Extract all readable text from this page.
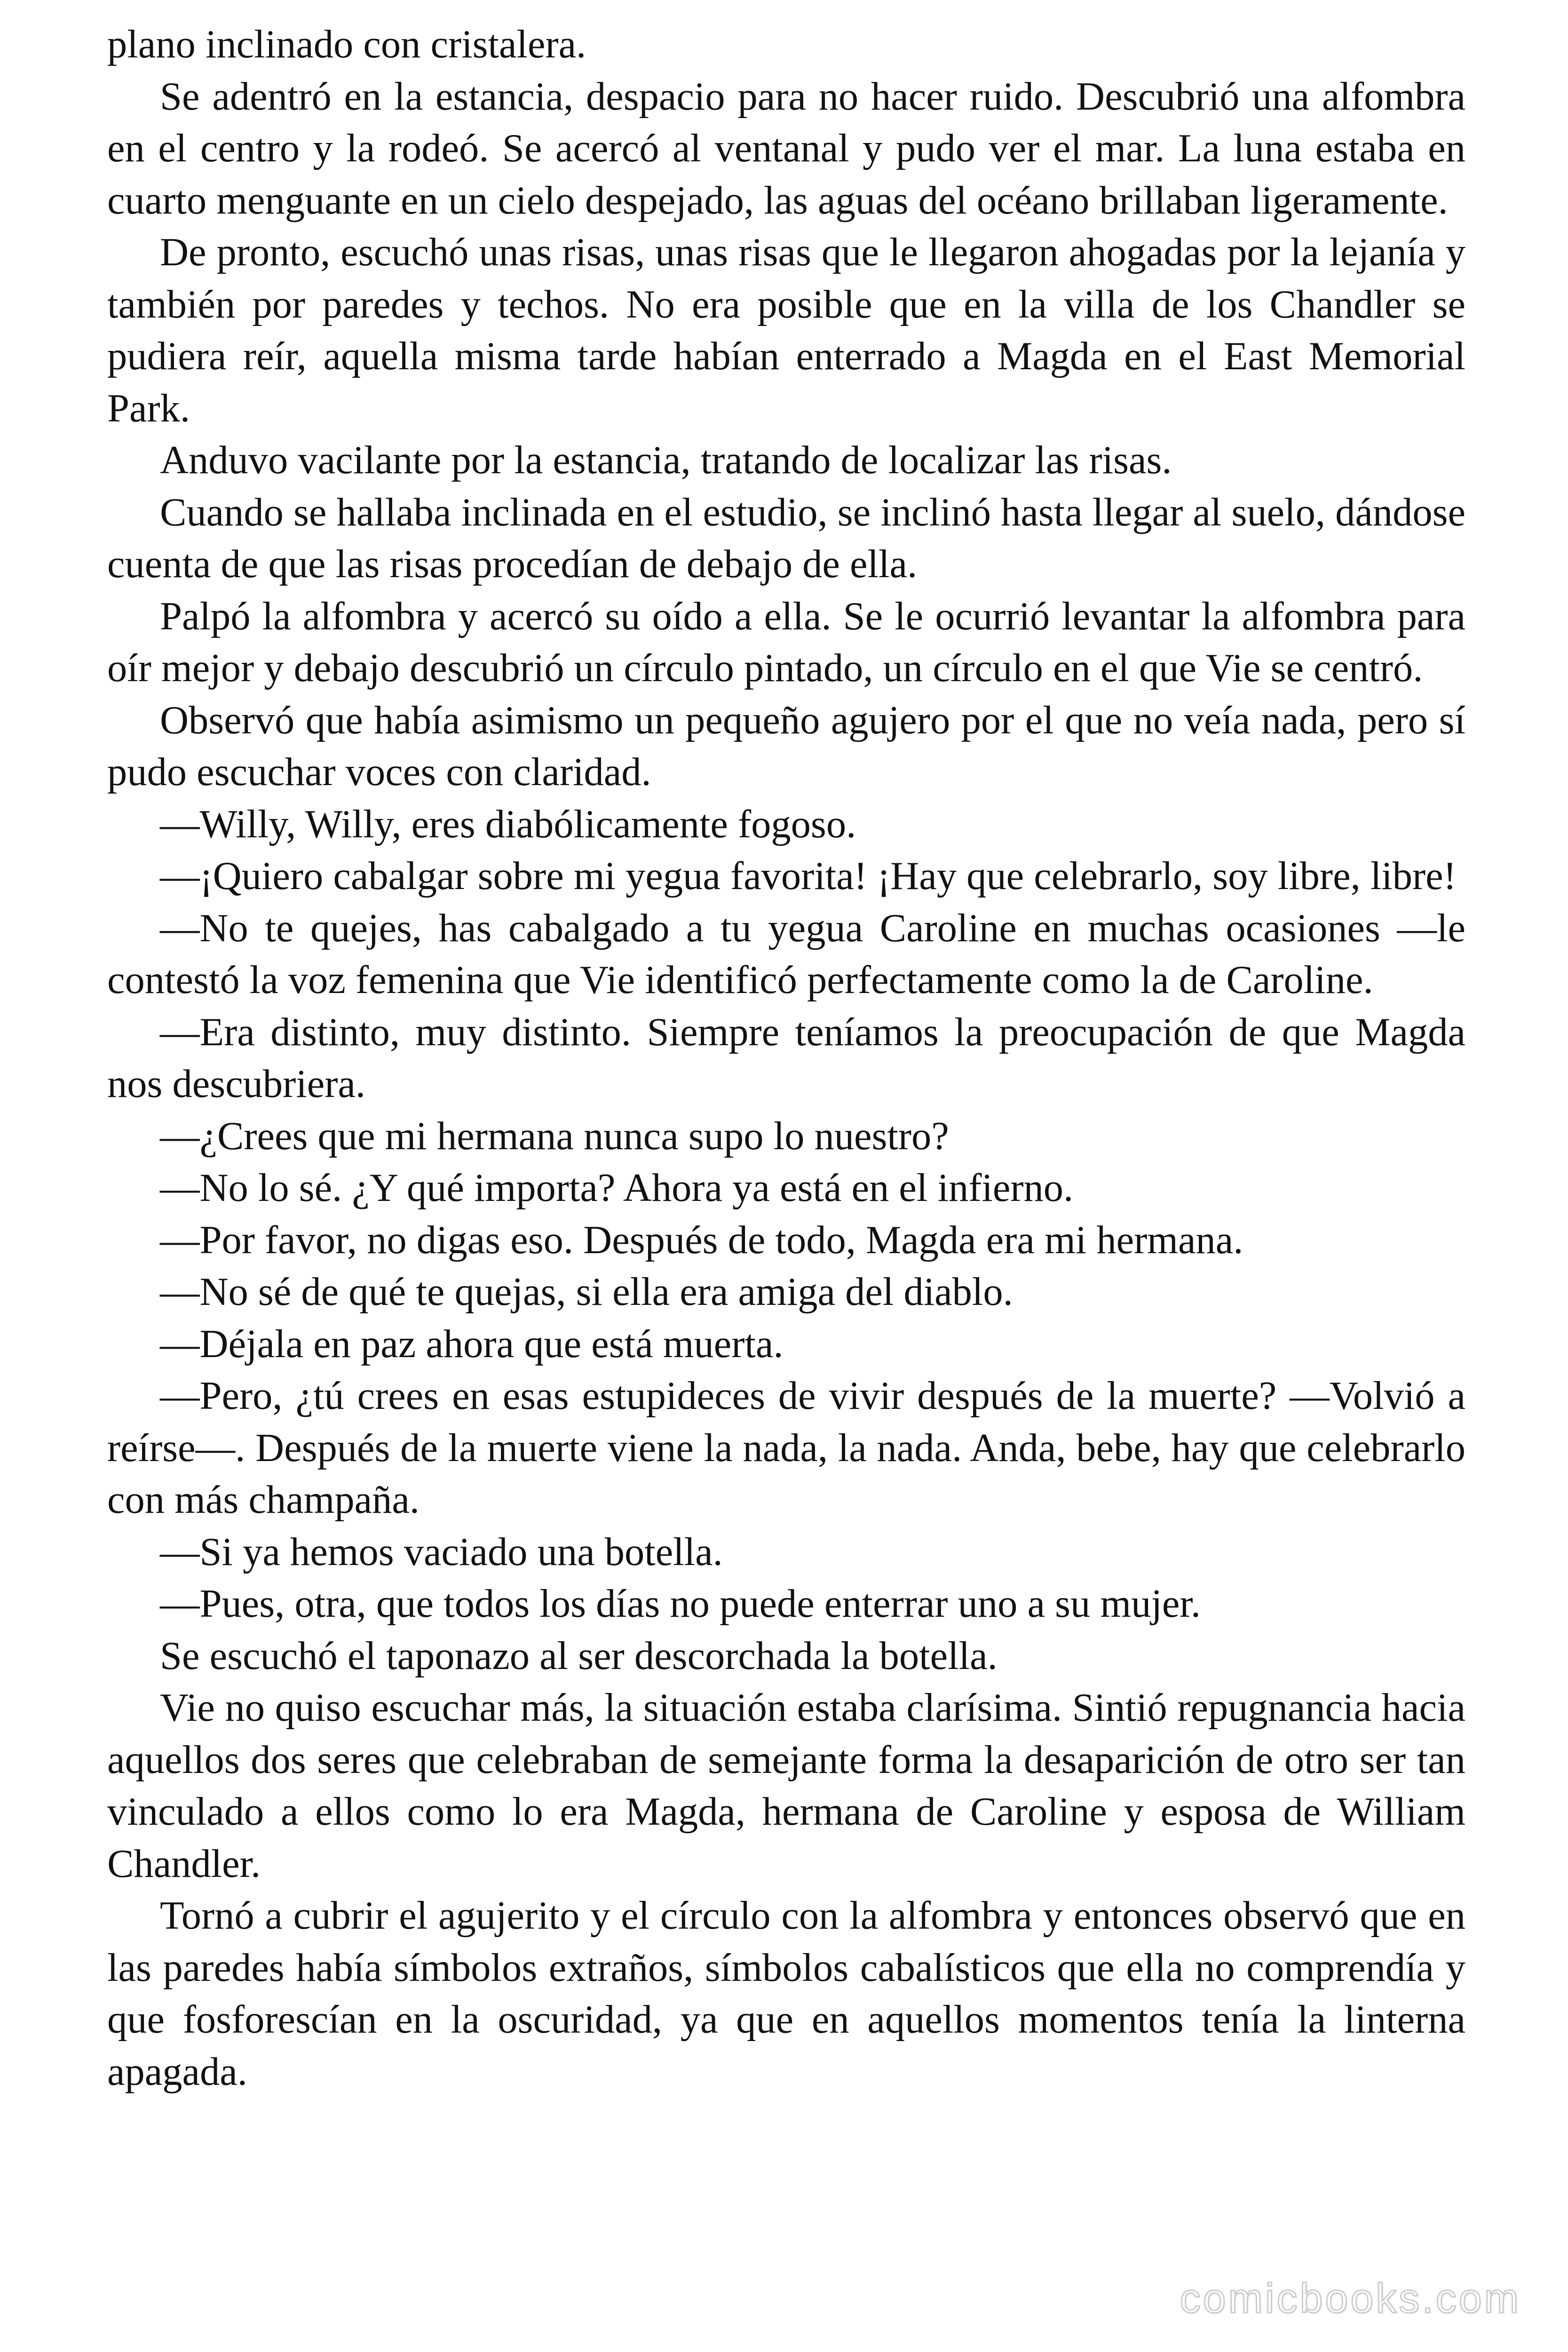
plano inclinado con cristalera.

Se adentró en la estancia, despacio para no hacer ruido. Descubrió una alfombra en el centro y la rodeó. Se acercó al ventanal y pudo ver el mar. La luna estaba en cuarto menguante en un cielo despejado, las aguas del océano brillaban ligeramente.

De pronto, escuchó unas risas, unas risas que le llegaron ahogadas por la lejanía y también por paredes y techos. No era posible que en la villa de los Chandler se pudiera reír, aquella misma tarde habían enterrado a Magda en el East Memorial Park.

Anduvo vacilante por la estancia, tratando de localizar las risas.

Cuando se hallaba inclinada en el estudio, se inclinó hasta llegar al suelo, dándose cuenta de que las risas procedían de debajo de ella.

Palpó la alfombra y acercó su oído a ella. Se le ocurrió levantar la alfombra para oír mejor y debajo descubrió un círculo pintado, un círculo en el que Vie se centró.

Observó que había asimismo un pequeño agujero por el que no veía nada, pero sí pudo escuchar voces con claridad.

—Willy, Willy, eres diabólicamente fogoso.

—¡Quiero cabalgar sobre mi yegua favorita! ¡Hay que celebrarlo, soy libre, libre!

—No te quejes, has cabalgado a tu yegua Caroline en muchas ocasiones —le contestó la voz femenina que Vie identificó perfectamente como la de Caroline.

—Era distinto, muy distinto. Siempre teníamos la preocupación de que Magda nos descubriera.

—¿Crees que mi hermana nunca supo lo nuestro?

—No lo sé. ¿Y qué importa? Ahora ya está en el infierno.

—Por favor, no digas eso. Después de todo, Magda era mi hermana.

—No sé de qué te quejas, si ella era amiga del diablo.

—Déjala en paz ahora que está muerta.

—Pero, ¿tú crees en esas estupideces de vivir después de la muerte? —Volvió a reírse—. Después de la muerte viene la nada, la nada. Anda, bebe, hay que celebrarlo con más champaña.

—Si ya hemos vaciado una botella.

—Pues, otra, que todos los días no puede enterrar uno a su mujer.

Se escuchó el taponazo al ser descorchada la botella.

Vie no quiso escuchar más, la situación estaba clarísima. Sintió repugnancia hacia aquellos dos seres que celebraban de semejante forma la desaparición de otro ser tan vinculado a ellos como lo era Magda, hermana de Caroline y esposa de William Chandler.

Tornó a cubrir el agujerito y el círculo con la alfombra y entonces observó que en las paredes había símbolos extraños, símbolos cabalísticos que ella no comprendía y que fosforescían en la oscuridad, ya que en aquellos momentos tenía la linterna apagada.

comicbooks.com
